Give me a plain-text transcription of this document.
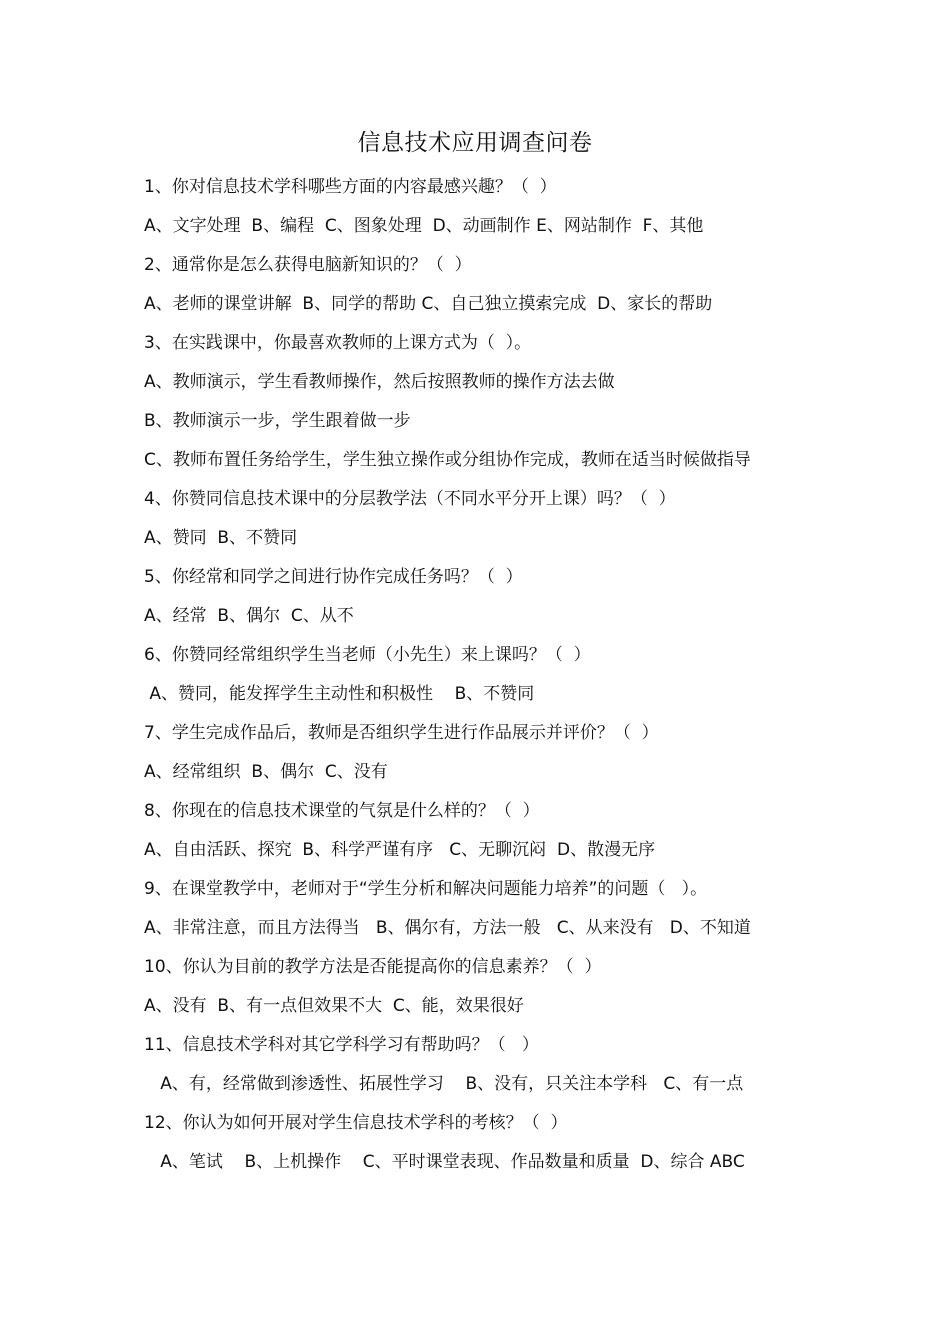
信息技术应用调查问卷
1、你对信息技术学科哪些方面的内容最感兴趣？（  ）
A、文字处理  B、编程  C、图象处理  D、动画制作 E、网站制作  F、其他
2、通常你是怎么获得电脑新知识的？（  ）
A、老师的课堂讲解  B、同学的帮助 C、自己独立摸索完成  D、家长的帮助
3、在实践课中，你最喜欢教师的上课方式为（  ）。
A、教师演示，学生看教师操作，然后按照教师的操作方法去做
B、教师演示一步，学生跟着做一步
C、教师布置任务给学生，学生独立操作或分组协作完成，教师在适当时候做指导
4、你赞同信息技术课中的分层教学法（不同水平分开上课）吗？（  ）
A、赞同  B、不赞同
5、你经常和同学之间进行协作完成任务吗？（  ）
A、经常  B、偶尔  C、从不
6、你赞同经常组织学生当老师（小先生）来上课吗？（  ）
A、赞同，能发挥学生主动性和积极性    B、不赞同
7、学生完成作品后，教师是否组织学生进行作品展示并评价？（  ）
A、经常组织  B、偶尔  C、没有
8、你现在的信息技术课堂的气氛是什么样的？（  ）
A、自由活跃、探究  B、科学严谨有序   C、无聊沉闷  D、散漫无序
9、在课堂教学中，老师对于“学生分析和解决问题能力培养”的问题（   ）。
A、非常注意，而且方法得当   B、偶尔有，方法一般   C、从来没有   D、不知道
10、你认为目前的教学方法是否能提高你的信息素养？（  ）
A、没有  B、有一点但效果不大  C、能，效果很好
11、信息技术学科对其它学科学习有帮助吗？（   ）
A、有，经常做到渗透性、拓展性学习    B、没有，只关注本学科   C、有一点
12、你认为如何开展对学生信息技术学科的考核？（  ）
A、笔试    B、上机操作    C、平时课堂表现、作品数量和质量  D、综合 ABC
